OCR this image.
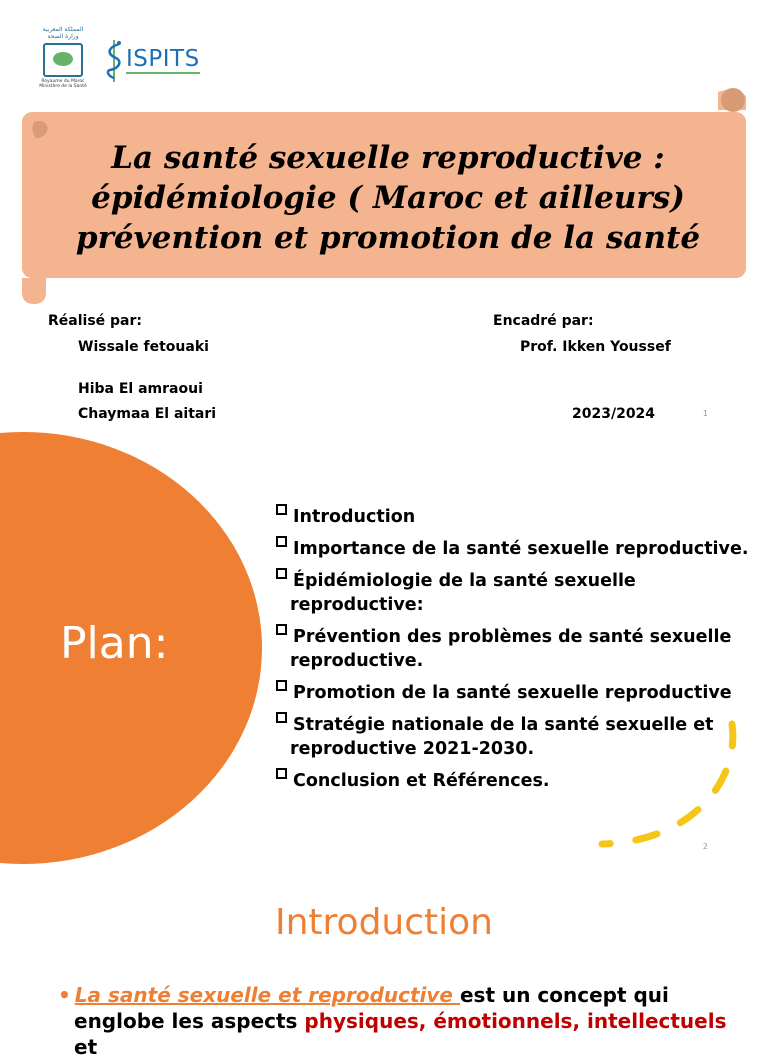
المملكة المغربية
وزارة الصحة
Royaume du Maroc
Ministère de la Santé
ISPITS
La santé sexuelle reproductive :
épidémiologie ( Maroc et ailleurs)
prévention et promotion de la santé
Réalisé par:
Wissale fetouaki
Hiba El amraoui
Chaymaa El aitari
Encadré par:
Prof. Ikken Youssef
2023/2024	1
Plan:
Introduction
Importance de la santé sexuelle reproductive.
Épidémiologie de la santé sexuelle reproductive:
Prévention des problèmes de santé sexuelle reproductive.
Promotion de la santé sexuelle reproductive
Stratégie nationale de la santé sexuelle et reproductive 2021-2030.
Conclusion et Références.
2
Introduction
• La santé sexuelle et reproductive est un concept qui
englobe les aspects physiques, émotionnels, intellectuels et
